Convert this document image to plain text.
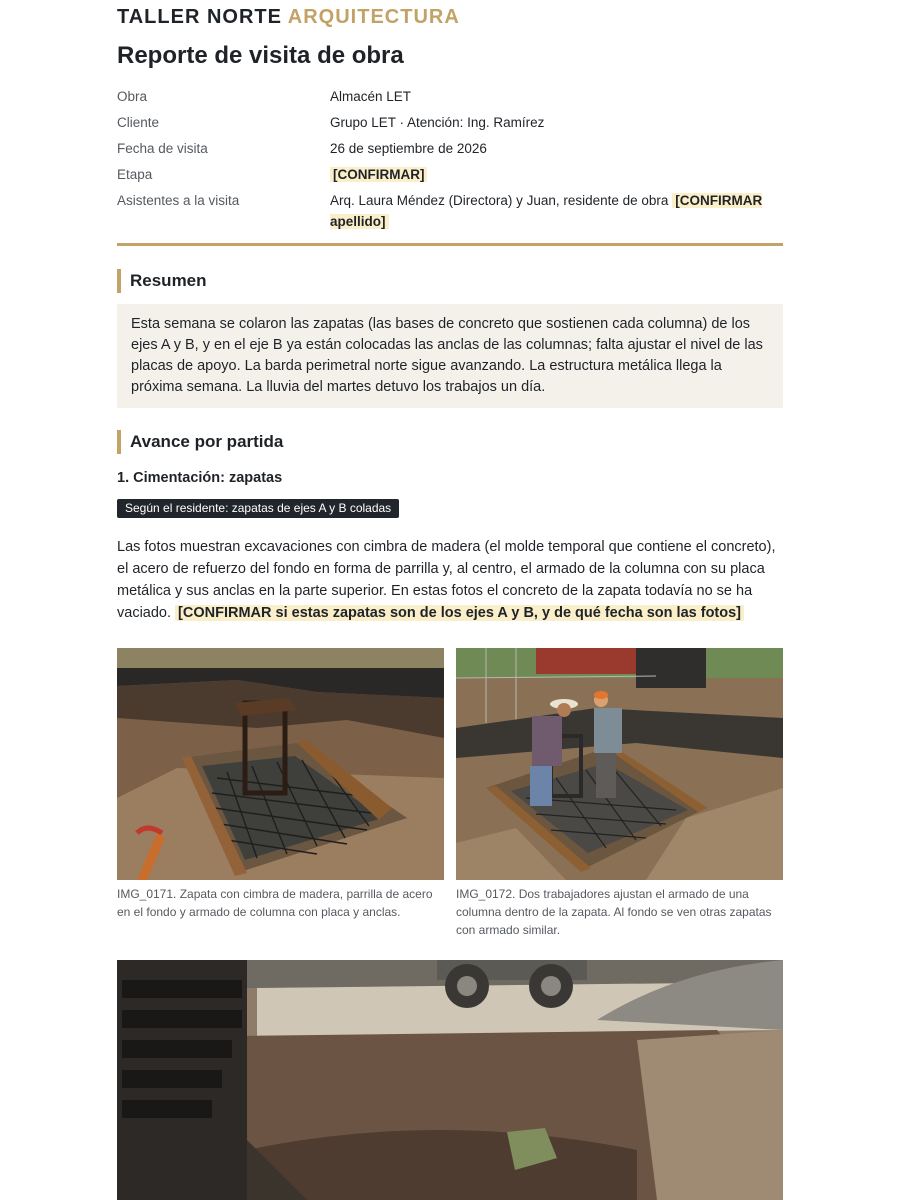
TALLER NORTE ARQUITECTURA
Reporte de visita de obra
Obra	Almacén LET
Cliente	Grupo LET · Atención: Ing. Ramírez
Fecha de visita	26 de septiembre de 2026
Etapa	[CONFIRMAR]
Asistentes a la visita	Arq. Laura Méndez (Directora) y Juan, residente de obra [CONFIRMAR apellido]
Resumen
Esta semana se colaron las zapatas (las bases de concreto que sostienen cada columna) de los ejes A y B, y en el eje B ya están colocadas las anclas de las columnas; falta ajustar el nivel de las placas de apoyo. La barda perimetral norte sigue avanzando. La estructura metálica llega la próxima semana. La lluvia del martes detuvo los trabajos un día.
Avance por partida
1. Cimentación: zapatas
Según el residente: zapatas de ejes A y B coladas
Las fotos muestran excavaciones con cimbra de madera (el molde temporal que contiene el concreto), el acero de refuerzo del fondo en forma de parrilla y, al centro, el armado de la columna con su placa metálica y sus anclas en la parte superior. En estas fotos el concreto de la zapata todavía no se ha vaciado. [CONFIRMAR si estas zapatas son de los ejes A y B, y de qué fecha son las fotos]
IMG_0171. Zapata con cimbra de madera, parrilla de acero en el fondo y armado de columna con placa y anclas.
IMG_0172. Dos trabajadores ajustan el armado de una columna dentro de la zapata. Al fondo se ven otras zapatas con armado similar.
